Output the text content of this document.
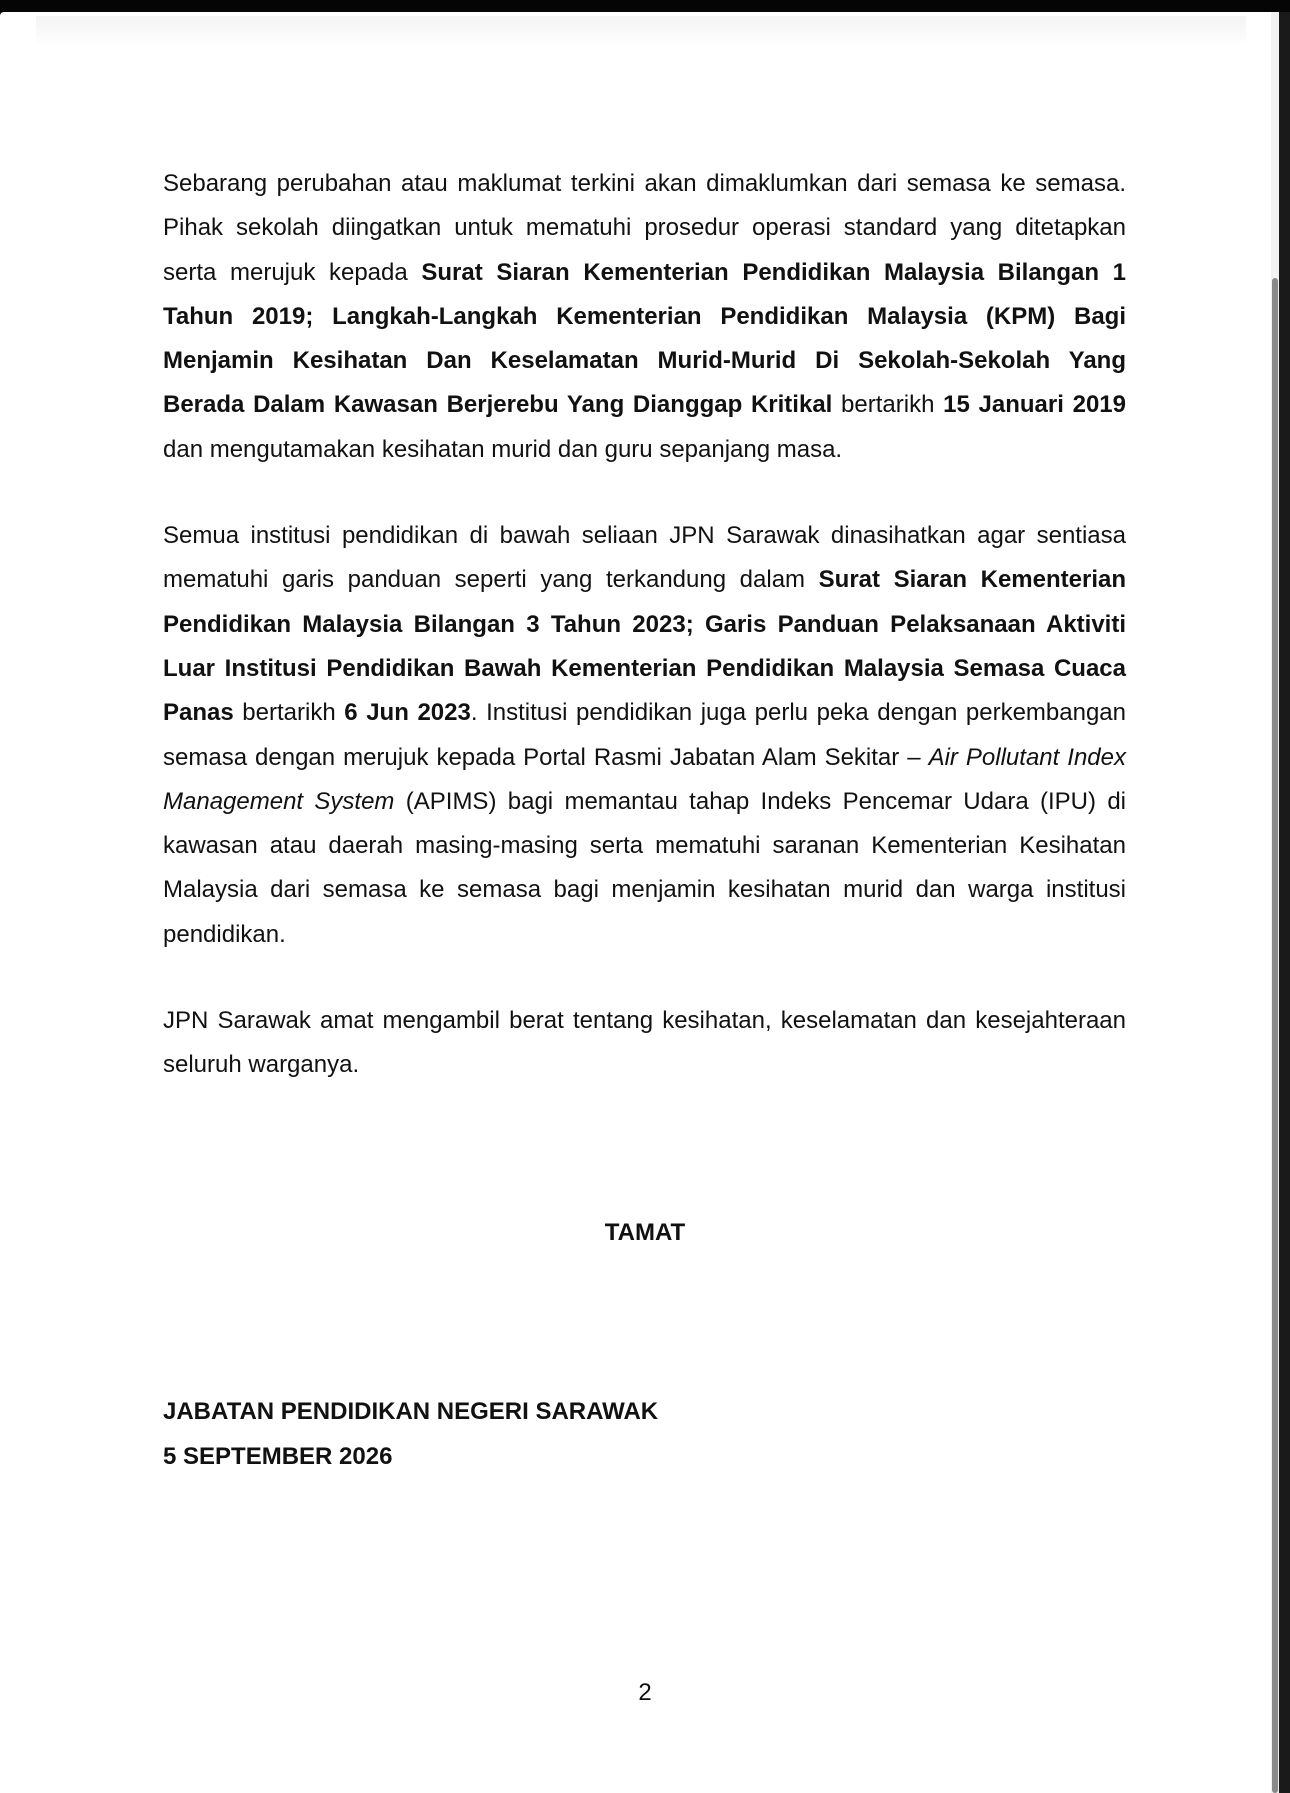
Sebarang perubahan atau maklumat terkini akan dimaklumkan dari semasa ke semasa. Pihak sekolah diingatkan untuk mematuhi prosedur operasi standard yang ditetapkan serta merujuk kepada Surat Siaran Kementerian Pendidikan Malaysia Bilangan 1 Tahun 2019; Langkah-Langkah Kementerian Pendidikan Malaysia (KPM) Bagi Menjamin Kesihatan Dan Keselamatan Murid-Murid Di Sekolah-Sekolah Yang Berada Dalam Kawasan Berjerebu Yang Dianggap Kritikal bertarikh 15 Januari 2019 dan mengutamakan kesihatan murid dan guru sepanjang masa.

Semua institusi pendidikan di bawah seliaan JPN Sarawak dinasihatkan agar sentiasa mematuhi garis panduan seperti yang terkandung dalam Surat Siaran Kementerian Pendidikan Malaysia Bilangan 3 Tahun 2023; Garis Panduan Pelaksanaan Aktiviti Luar Institusi Pendidikan Bawah Kementerian Pendidikan Malaysia Semasa Cuaca Panas bertarikh 6 Jun 2023. Institusi pendidikan juga perlu peka dengan perkembangan semasa dengan merujuk kepada Portal Rasmi Jabatan Alam Sekitar – Air Pollutant Index Management System (APIMS) bagi memantau tahap Indeks Pencemar Udara (IPU) di kawasan atau daerah masing-masing serta mematuhi saranan Kementerian Kesihatan Malaysia dari semasa ke semasa bagi menjamin kesihatan murid dan warga institusi pendidikan.

JPN Sarawak amat mengambil berat tentang kesihatan, keselamatan dan kesejahteraan seluruh warganya.

TAMAT
JABATAN PENDIDIKAN NEGERI SARAWAK
5 SEPTEMBER 2026
2
